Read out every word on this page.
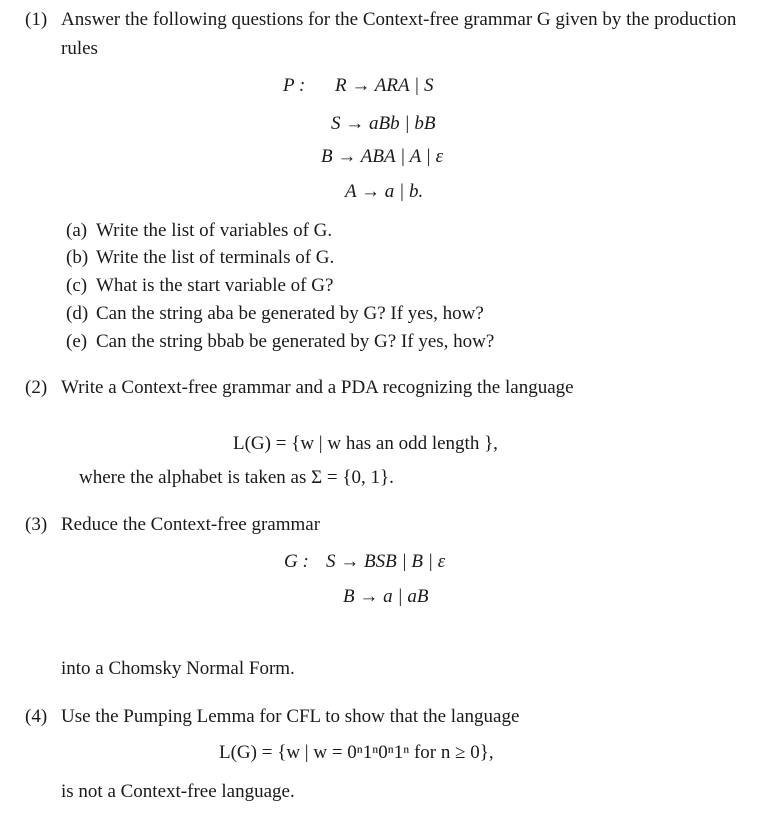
(1) Answer the following questions for the Context-free grammar G given by the production
rules
P : R → ARA | S
S → aBb | bB
B → ABA | A | ε
A → a | b.
(a) Write the list of variables of G.
(b) Write the list of terminals of G.
(c) What is the start variable of G?
(d) Can the string aba be generated by G? If yes, how?
(e) Can the string bbab be generated by G? If yes, how?
(2) Write a Context-free grammar and a PDA recognizing the language
L(G) = {w | w has an odd length },
where the alphabet is taken as Σ = {0, 1}.
(3) Reduce the Context-free grammar
G : S → BSB | B | ε
B → a | aB
into a Chomsky Normal Form.
(4) Use the Pumping Lemma for CFL to show that the language
L(G) = {w | w = 0ⁿ1ⁿ0ⁿ1ⁿ for n ≥ 0},
is not a Context-free language.
